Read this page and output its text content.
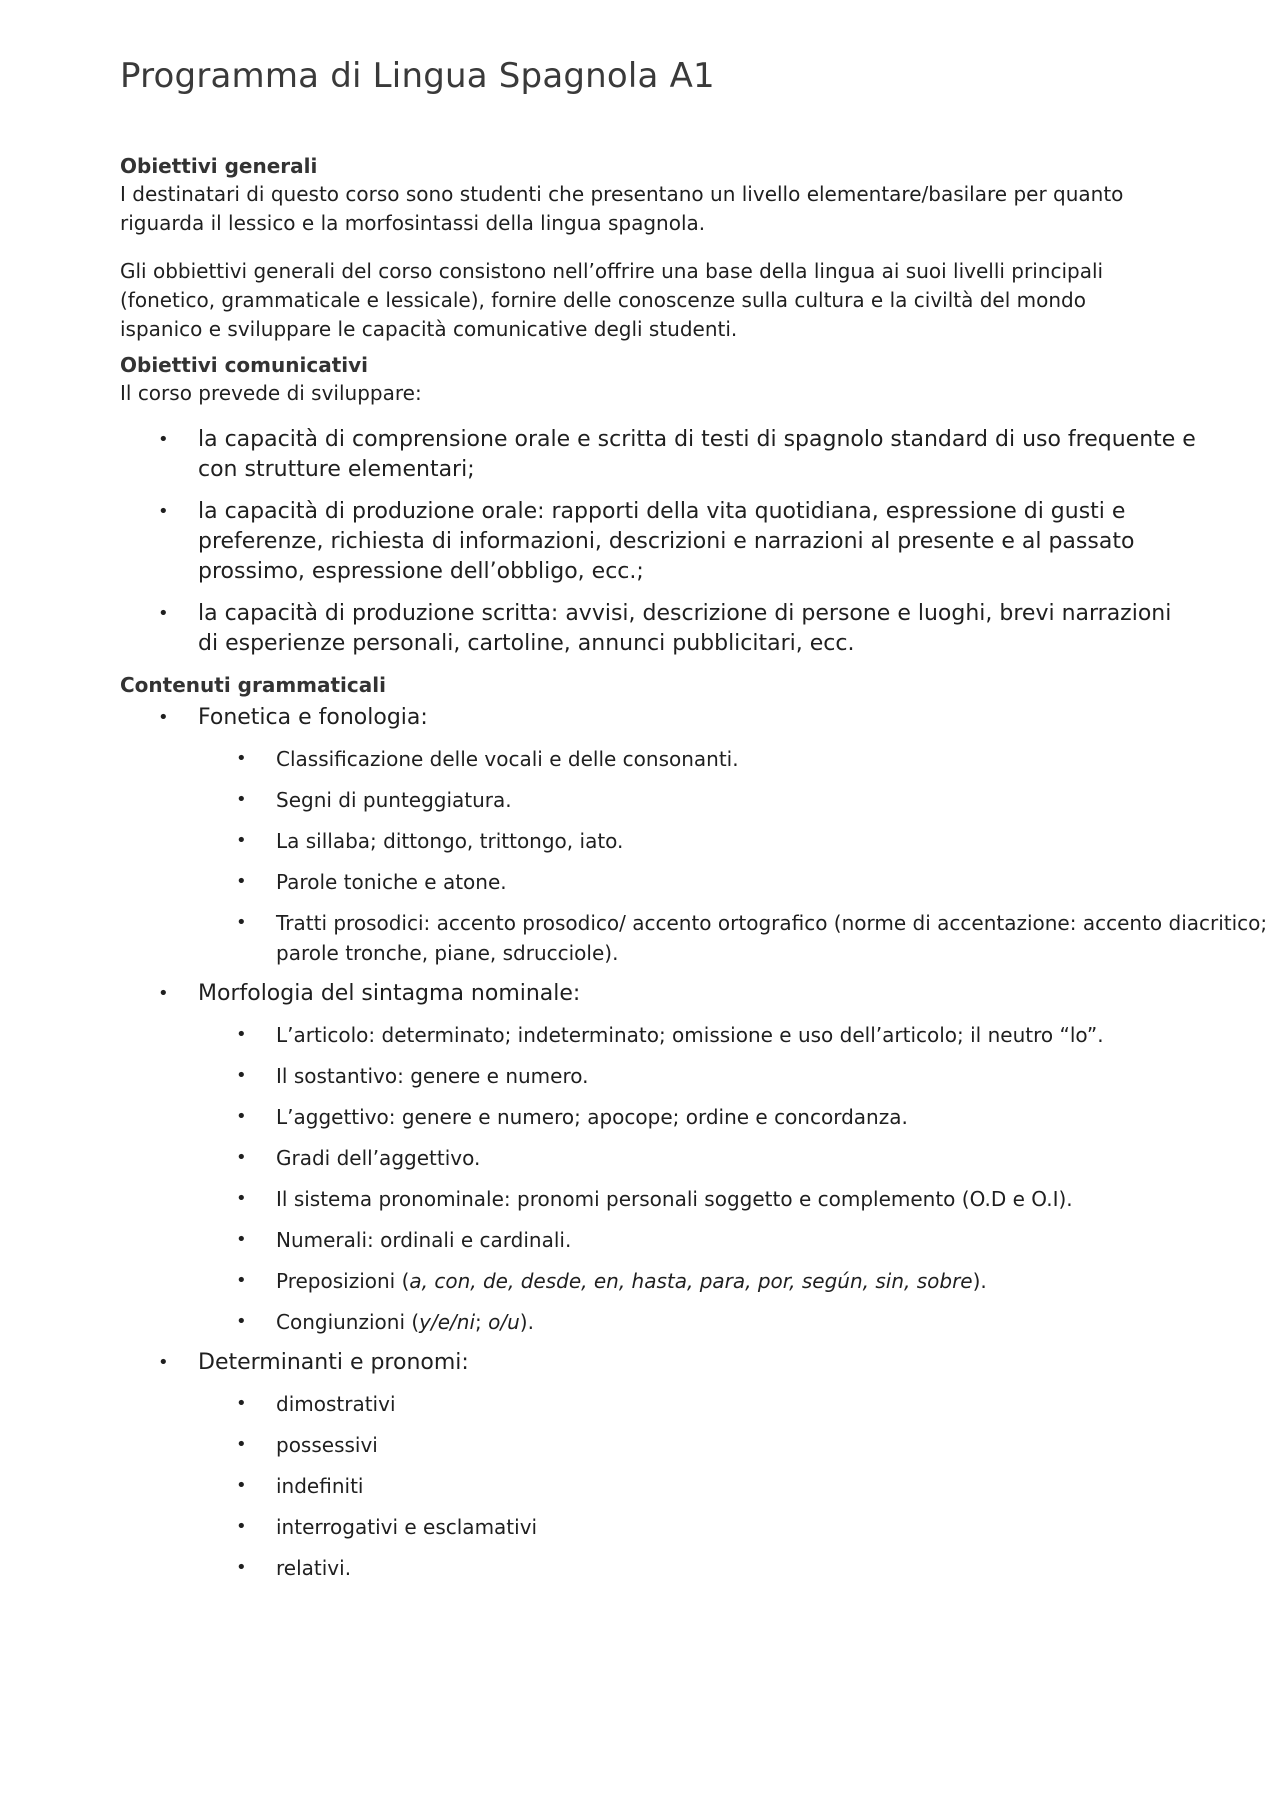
Programma di Lingua Spagnola A1
Obiettivi generali

I destinatari di questo corso sono studenti che presentano un livello elementare/basilare per quanto riguarda il lessico e la morfosintassi della lingua spagnola.

Gli obbiettivi generali del corso consistono nell’offrire una base della lingua ai suoi livelli principali (fonetico, grammaticale e lessicale), fornire delle conoscenze sulla cultura e la civiltà del mondo ispanico e sviluppare le capacità comunicative degli studenti.

Obiettivi comunicativi

Il corso prevede di sviluppare:

• la capacità di comprensione orale e scritta di testi di spagnolo standard di uso frequente e con strutture elementari;
• la capacità di produzione orale: rapporti della vita quotidiana, espressione di gusti e preferenze, richiesta di informazioni, descrizioni e narrazioni al presente e al passato prossimo, espressione dell’obbligo, ecc.;
• la capacità di produzione scritta: avvisi, descrizione di persone e luoghi, brevi narrazioni di esperienze personali, cartoline, annunci pubblicitari, ecc.
Contenuti grammaticali
• Fonetica e fonologia:
• Classificazione delle vocali e delle consonanti.
• Segni di punteggiatura.
• La sillaba; dittongo, trittongo, iato.
• Parole toniche e atone.
• Tratti prosodici: accento prosodico/ accento ortografico (norme di accentazione: accento diacritico; parole tronche, piane, sdrucciole).
• Morfologia del sintagma nominale:
• L’articolo: determinato; indeterminato; omissione e uso dell’articolo; il neutro “lo”.
• Il sostantivo: genere e numero.
• L’aggettivo: genere e numero; apocope; ordine e concordanza.
• Gradi dell’aggettivo.
• Il sistema pronominale: pronomi personali soggetto e complemento (O.D e O.I).
• Numerali: ordinali e cardinali.
• Preposizioni (a, con, de, desde, en, hasta, para, por, según, sin, sobre).
• Congiunzioni (y/e/ni; o/u).
• Determinanti e pronomi:
• dimostrativi
• possessivi
• indefiniti
• interrogativi e esclamativi
• relativi.
